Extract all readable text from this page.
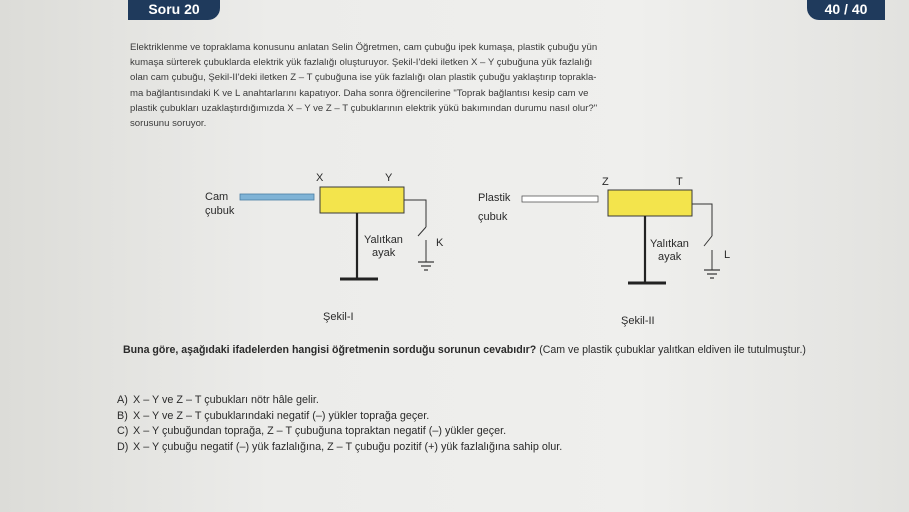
Soru 20	40 / 40
Elektriklenme ve topraklama konusunu anlatan Selin Öğretmen, cam çubuğu ipek kumaşa, plastik çubuğu yün
kumaşa sürterek çubuklarda elektrik yük fazlalığı oluşturuyor. Şekil-I'deki iletken X – Y çubuğuna yük fazlalığı
olan cam çubuğu, Şekil-II'deki iletken Z – T çubuğuna ise yük fazlalığı olan plastik çubuğu yaklaştırıp toprakla-
ma bağlantısındaki K ve L anahtarlarını kapatıyor. Daha sonra öğrencilerine "Toprak bağlantısı kesip cam ve
plastik çubukları uzaklaştırdığımızda X – Y ve Z – T çubuklarının elektrik yükü bakımından durumu nasıl olur?"
sorusunu soruyor.
Cam
çubuk
X	Y
Yalıtkan
ayak
K
Şekil-I
Plastik
çubuk
Z	T
Yalıtkan
ayak	L
Şekil-II
Buna göre, aşağıdaki ifadelerden hangisi öğretmenin sorduğu sorunun cevabıdır? (Cam ve plastik çubuklar yalıtkan eldiven ile tutulmuştur.)
A) X – Y ve Z – T çubukları nötr hâle gelir.
B) X – Y ve Z – T çubuklarındaki negatif (–) yükler toprağa geçer.
C) X – Y çubuğundan toprağa, Z – T çubuğuna topraktan negatif (–) yükler geçer.
D) X – Y çubuğu negatif (–) yük fazlalığına, Z – T çubuğu pozitif (+) yük fazlalığına sahip olur.
